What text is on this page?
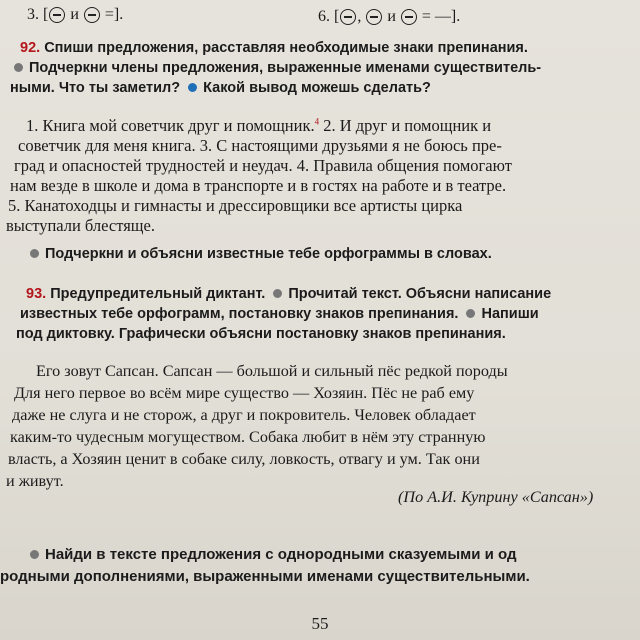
3. [ и =].	6. [ , и = —].
92. Спиши предложения, расставляя необходимые знаки препинания.
Подчеркни члены предложения, выраженные именами существитель-
ными. Что ты заметил? Какой вывод можешь сделать?
1. Книга мой советчик друг и помощник.$^4$ 2. И друг и помощник и
советчик для меня книга. 3. С настоящими друзьями я не боюсь пре-
град и опасностей трудностей и неудач. 4. Правила общения помогают
нам везде в школе и дома в транспорте и в гостях на работе и в театре.
5. Канатоходцы и гимнасты и дрессировщики все артисты цирка
выступали блестяще.
Подчеркни и объясни известные тебе орфограммы в словах.
93. Предупредительный диктант. Прочитай текст. Объясни написание
известных тебе орфограмм, постановку знаков препинания. Напиши
под диктовку. Графически объясни постановку знаков препинания.
Его зовут Сапсан. Сапсан — большой и сильный пёс редкой породы
Для него первое во всём мире существо — Хозяин. Пёс не раб ему
даже не слуга и не сторож, а друг и покровитель. Человек обладает
каким-то чудесным могуществом. Собака любит в нём эту странную
власть, а Хозяин ценит в собаке силу, ловкость, отвагу и ум. Так они
и живут.
(По А.И. Куприну «Сапсан»)
Найди в тексте предложения с однородными сказуемыми и од
родными дополнениями, выраженными именами существительными.
55
